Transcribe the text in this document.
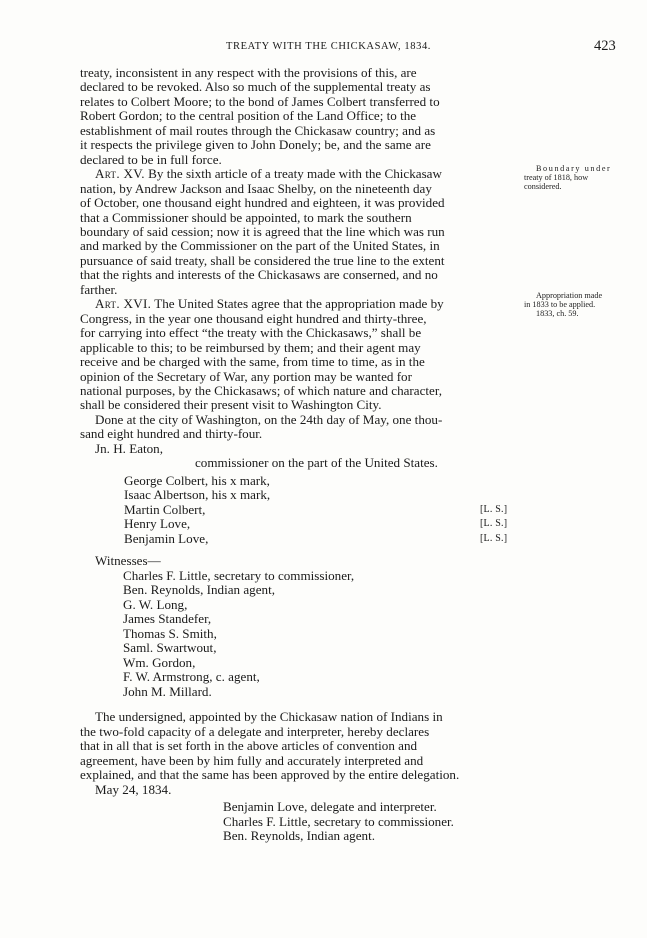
TREATY WITH THE CHICKASAW, 1834.	423
treaty, inconsistent in any respect with the provisions of this, are
declared to be revoked. Also so much of the supplemental treaty as
relates to Colbert Moore; to the bond of James Colbert transferred to
Robert Gordon; to the central position of the Land Office; to the
establishment of mail routes through the Chickasaw country; and as
it respects the privilege given to John Donely; be, and the same are
declared to be in full force.
Art. XV. By the sixth article of a treaty made with the Chickasaw
nation, by Andrew Jackson and Isaac Shelby, on the nineteenth day
of October, one thousand eight hundred and eighteen, it was provided
that a Commissioner should be appointed, to mark the southern
boundary of said cession; now it is agreed that the line which was run
and marked by the Commissioner on the part of the United States, in
pursuance of said treaty, shall be considered the true line to the extent
that the rights and interests of the Chickasaws are conserned, and no
farther.
Art. XVI. The United States agree that the appropriation made by
Congress, in the year one thousand eight hundred and thirty-three,
for carrying into effect “the treaty with the Chickasaws,” shall be
applicable to this; to be reimbursed by them; and their agent may
receive and be charged with the same, from time to time, as in the
opinion of the Secretary of War, any portion may be wanted for
national purposes, by the Chickasaws; of which nature and character,
shall be considered their present visit to Washington City.
Done at the city of Washington, on the 24th day of May, one thou-
sand eight hundred and thirty-four.
Jn. H. Eaton,
commissioner on the part of the United States.
George Colbert, his x mark,
Isaac Albertson, his x mark,
Martin Colbert,	[L. S.]
Henry Love,	[L. S.]
Benjamin Love,	[L. S.]
Witnesses—
Charles F. Little, secretary to commissioner,
Ben. Reynolds, Indian agent,
G. W. Long,
James Standefer,
Thomas S. Smith,
Saml. Swartwout,
Wm. Gordon,
F. W. Armstrong, c. agent,
John M. Millard.
The undersigned, appointed by the Chickasaw nation of Indians in
the two-fold capacity of a delegate and interpreter, hereby declares
that in all that is set forth in the above articles of convention and
agreement, have been by him fully and accurately interpreted and
explained, and that the same has been approved by the entire delegation.
May 24, 1834.
Benjamin Love, delegate and interpreter.
Charles F. Little, secretary to commissioner.
Ben. Reynolds, Indian agent.
Boundary under
treaty of 1818, how
considered.
Appropriation made
in 1833 to be applied.
1833, ch. 59.
